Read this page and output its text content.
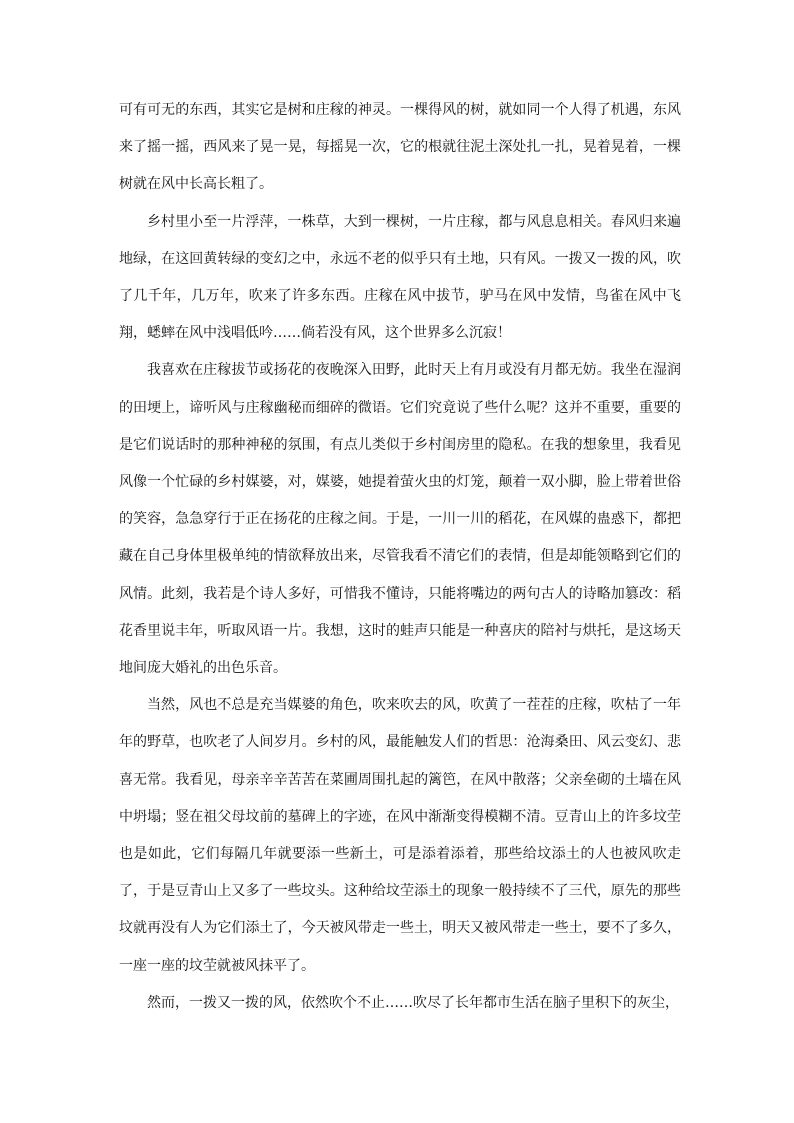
可有可无的东西，其实它是树和庄稼的神灵。一棵得风的树，就如同一个人得了机遇，东风来了摇一摇，西风来了晃一晃，每摇晃一次，它的根就往泥土深处扎一扎，晃着晃着，一棵树就在风中长高长粗了。

乡村里小至一片浮萍，一株草，大到一棵树，一片庄稼，都与风息息相关。春风归来遍地绿，在这回黄转绿的变幻之中，永远不老的似乎只有土地，只有风。一拨又一拨的风，吹了几千年，几万年，吹来了许多东西。庄稼在风中拔节，驴马在风中发情，鸟雀在风中飞翔，蟋蟀在风中浅唱低吟……倘若没有风，这个世界多么沉寂！

我喜欢在庄稼拔节或扬花的夜晚深入田野，此时天上有月或没有月都无妨。我坐在湿润的田埂上，谛听风与庄稼幽秘而细碎的微语。它们究竟说了些什么呢？这并不重要，重要的是它们说话时的那种神秘的氛围，有点儿类似于乡村闺房里的隐私。在我的想象里，我看见风像一个忙碌的乡村媒婆，对，媒婆，她提着萤火虫的灯笼，颠着一双小脚，脸上带着世俗的笑容，急急穿行于正在扬花的庄稼之间。于是，一川一川的稻花，在风媒的蛊惑下，都把藏在自己身体里极单纯的情欲释放出来，尽管我看不清它们的表情，但是却能领略到它们的风情。此刻，我若是个诗人多好，可惜我不懂诗，只能将嘴边的两句古人的诗略加篡改：稻花香里说丰年，听取风语一片。我想，这时的蛙声只能是一种喜庆的陪衬与烘托，是这场天地间庞大婚礼的出色乐音。

当然，风也不总是充当媒婆的角色，吹来吹去的风，吹黄了一茬茬的庄稼，吹枯了一年年的野草，也吹老了人间岁月。乡村的风，最能触发人们的哲思：沧海桑田、风云变幻、悲喜无常。我看见，母亲辛辛苦苦在菜圃周围扎起的篱笆，在风中散落；父亲垒砌的土墙在风中坍塌；竖在祖父母坟前的墓碑上的字迹，在风中渐渐变得模糊不清。豆青山上的许多坟茔也是如此，它们每隔几年就要添一些新土，可是添着添着，那些给坟添土的人也被风吹走了，于是豆青山上又多了一些坟头。这种给坟茔添土的现象一般持续不了三代，原先的那些坟就再没有人为它们添土了，今天被风带走一些土，明天又被风带走一些土，要不了多久，一座一座的坟茔就被风抹平了。

然而，一拨又一拨的风，依然吹个不止……吹尽了长年都市生活在脑子里积下的灰尘，
